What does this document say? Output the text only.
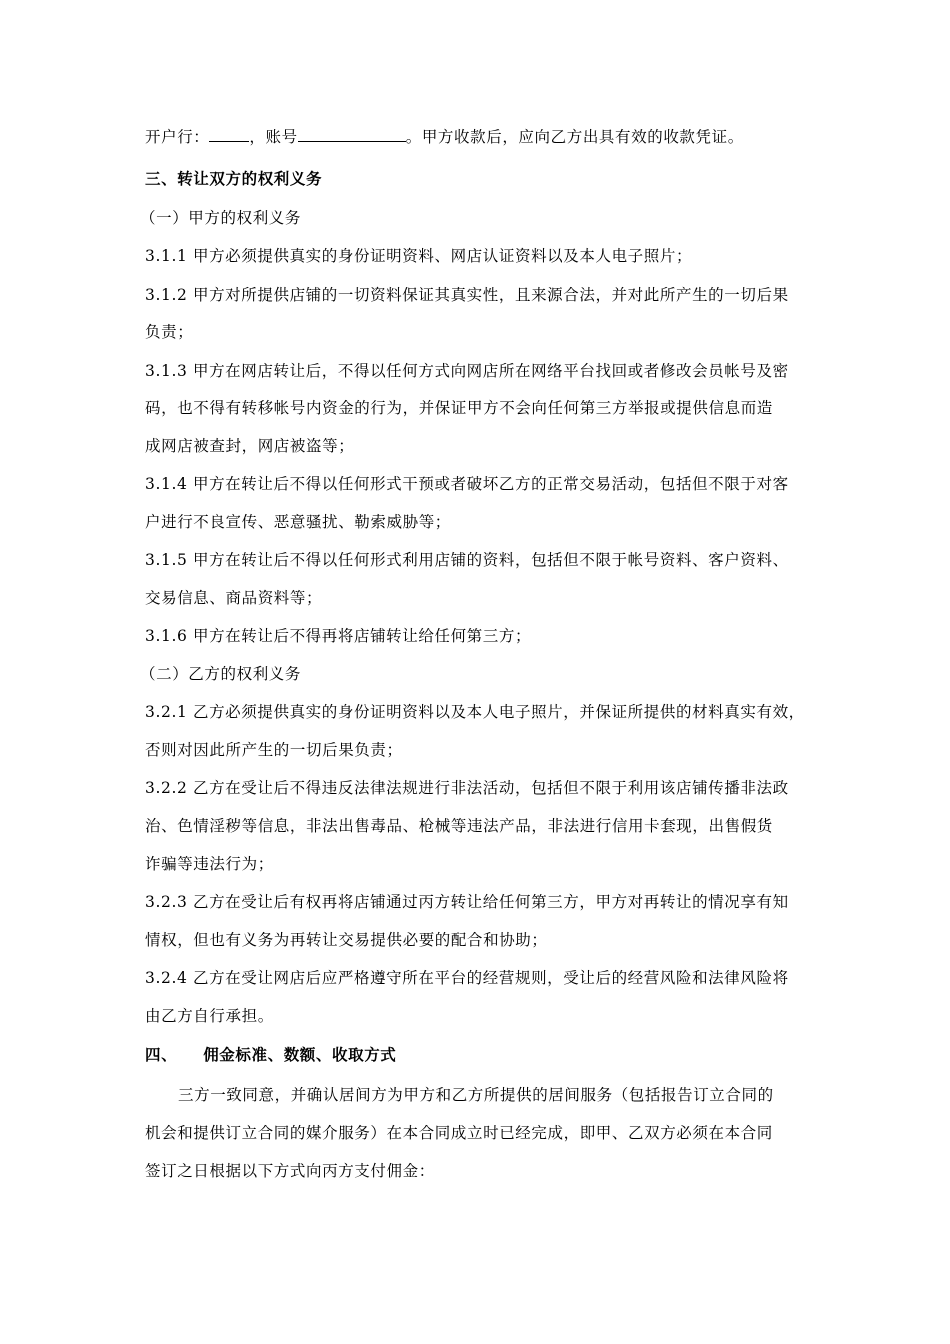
开户行：	，账号	。甲方收款后，应向乙方出具有效的收款凭证。
三、转让双方的权利义务
（一）甲方的权利义务
3.1.1 甲方必须提供真实的身份证明资料、网店认证资料以及本人电子照片；
3.1.2 甲方对所提供店铺的一切资料保证其真实性，且来源合法，并对此所产生的一切后果
负责；
3.1.3 甲方在网店转让后，不得以任何方式向网店所在网络平台找回或者修改会员帐号及密
码，也不得有转移帐号内资金的行为，并保证甲方不会向任何第三方举报或提供信息而造
成网店被查封，网店被盗等；
3.1.4 甲方在转让后不得以任何形式干预或者破坏乙方的正常交易活动，包括但不限于对客
户进行不良宣传、恶意骚扰、勒索威胁等；
3.1.5 甲方在转让后不得以任何形式利用店铺的资料，包括但不限于帐号资料、客户资料、
交易信息、商品资料等；
3.1.6 甲方在转让后不得再将店铺转让给任何第三方；
（二）乙方的权利义务
3.2.1 乙方必须提供真实的身份证明资料以及本人电子照片，并保证所提供的材料真实有效，
否则对因此所产生的一切后果负责；
3.2.2 乙方在受让后不得违反法律法规进行非法活动，包括但不限于利用该店铺传播非法政
治、色情淫秽等信息，非法出售毒品、枪械等违法产品，非法进行信用卡套现，出售假货
诈骗等违法行为；
3.2.3 乙方在受让后有权再将店铺通过丙方转让给任何第三方，甲方对再转让的情况享有知
情权，但也有义务为再转让交易提供必要的配合和协助；
3.2.4 乙方在受让网店后应严格遵守所在平台的经营规则，受让后的经营风险和法律风险将
由乙方自行承担。
四、 佣金标准、数额、收取方式
三方一致同意，并确认居间方为甲方和乙方所提供的居间服务（包括报告订立合同的
机会和提供订立合同的媒介服务）在本合同成立时已经完成，即甲、乙双方必须在本合同
签订之日根据以下方式向丙方支付佣金：
